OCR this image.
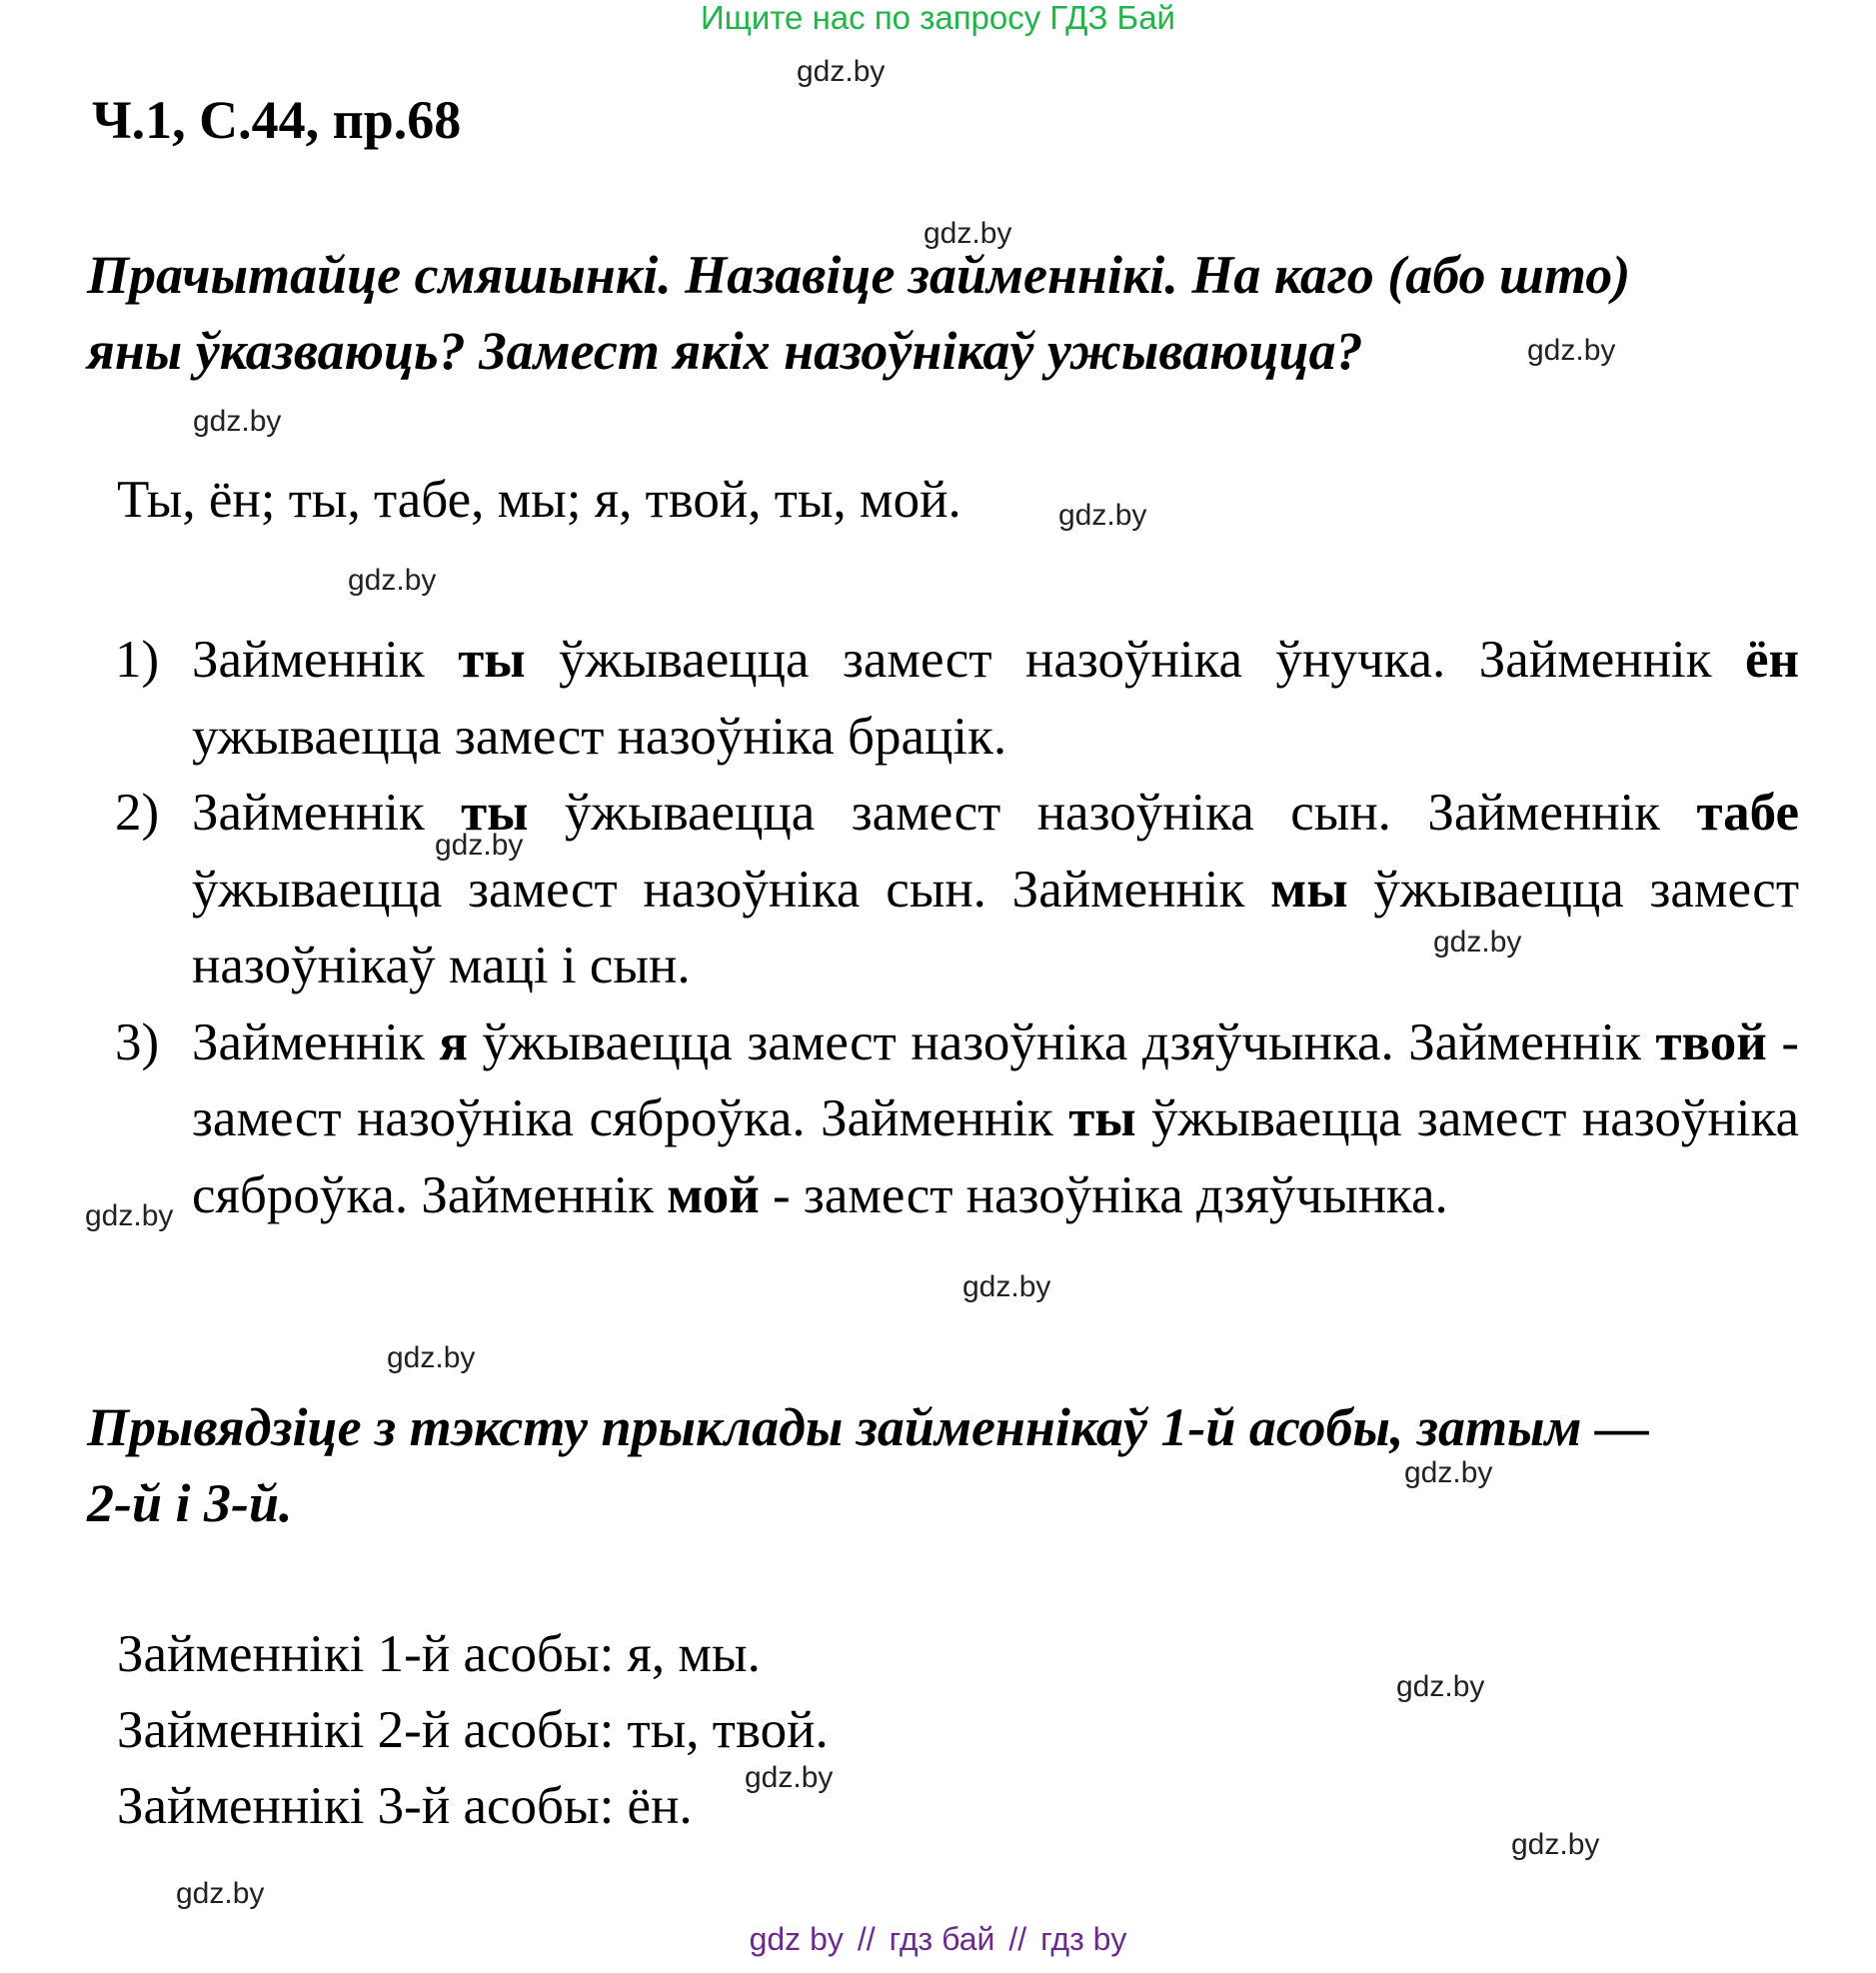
Ищите нас по запросу ГДЗ Бай
Ч.1, С.44, пр.68
Прачытайце смяшынкі. Назавіце займеннікі. На каго (або што)
яны ўказваюць? Замест якіх назоўнікаў ужываюцца?
Ты, ён; ты, табе, мы; я, твой, ты, мой.
1) Займеннік ты ўжываецца замест назоўніка ўнучка. Займеннік ён ужываецца замест назоўніка брацік.
2) Займеннік ты ўжываецца замест назоўніка сын. Займеннік табе ўжываецца замест назоўніка сын. Займеннік мы ўжываецца замест назоўнікаў маці і сын.
3) Займеннік я ўжываецца замест назоўніка дзяўчынка. Займеннік твой - замест назоўніка сяброўка. Займеннік ты ўжываецца замест назоўніка сяброўка. Займеннік мой - замест назоўніка дзяўчынка.
Прывядзіце з тэксту прыклады займеннікаў 1-й асобы, затым —
2-й і 3-й.
Займеннікі 1-й асобы: я, мы.
Займеннікі 2-й асобы: ты, твой.
Займеннікі 3-й асобы: ён.
gdz.by
gdz.by
gdz.by
gdz.by
gdz.by
gdz.by
gdz.by
gdz.by
gdz.by
gdz.by
gdz.by
gdz.by
gdz.by
gdz.by
gdz.by
gdz.by
gdz by // гдз бай // гдз by
